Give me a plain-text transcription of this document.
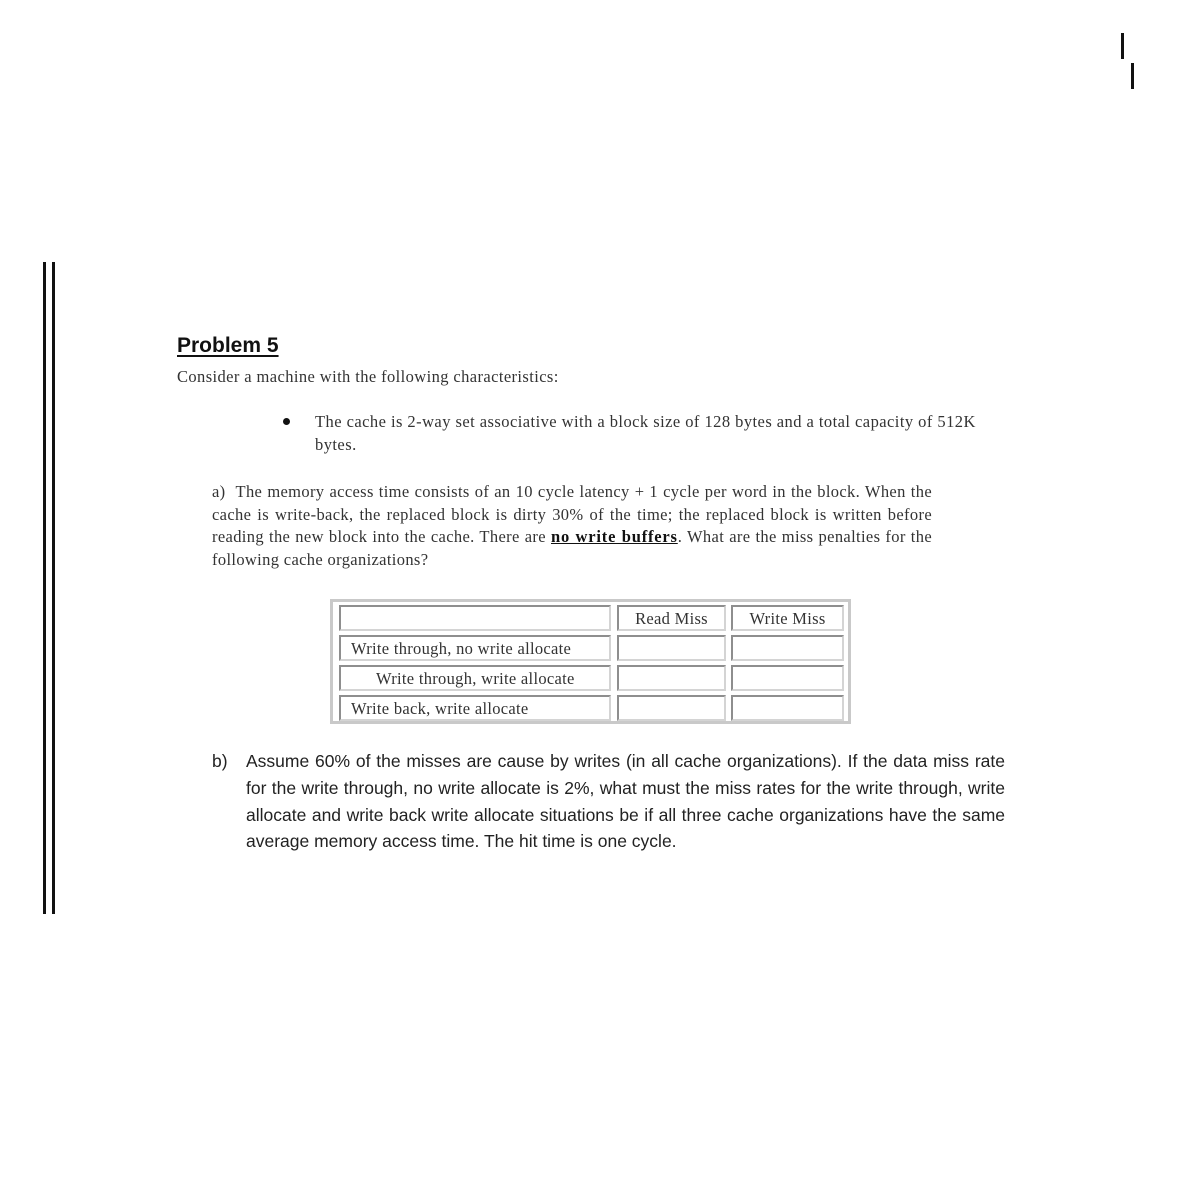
Problem 5
Consider a machine with the following characteristics:
The cache is 2-way set associative with a block size of 128 bytes and a total capacity of 512K bytes.
a) The memory access time consists of an 10 cycle latency + 1 cycle per word in the block. When the cache is write-back, the replaced block is dirty 30% of the time; the replaced block is written before reading the new block into the cache. There are no write buffers. What are the miss penalties for the following cache organizations?
Read Miss	Write Miss
Write through, no write allocate
Write through, write allocate
Write back, write allocate
b) Assume 60% of the misses are cause by writes (in all cache organizations). If the data miss rate for the write through, no write allocate is 2%, what must the miss rates for the write through, write allocate and write back write allocate situations be if all three cache organizations have the same average memory access time. The hit time is one cycle.
